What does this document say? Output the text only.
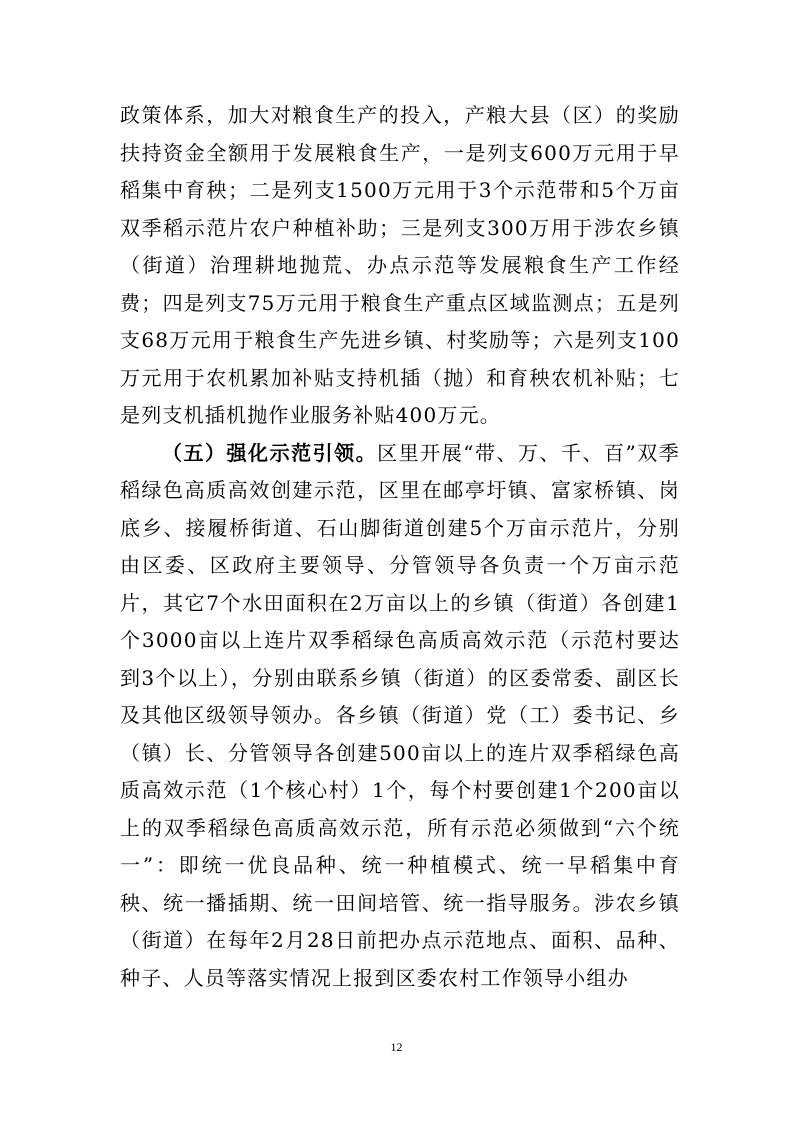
政策体系，加大对粮食生产的投入，产粮大县（区）的奖励扶持资金全额用于发展粮食生产，一是列支600万元用于早稻集中育秧；二是列支1500万元用于3个示范带和5个万亩双季稻示范片农户种植补助；三是列支300万用于涉农乡镇（街道）治理耕地抛荒、办点示范等发展粮食生产工作经费；四是列支75万元用于粮食生产重点区域监测点；五是列支68万元用于粮食生产先进乡镇、村奖励等；六是列支100万元用于农机累加补贴支持机插（抛）和育秧农机补贴；七是列支机插机抛作业服务补贴400万元。

（五）强化示范引领。区里开展“带、万、千、百”双季稻绿色高质高效创建示范，区里在邮亭圩镇、富家桥镇、岗底乡、接履桥街道、石山脚街道创建5个万亩示范片，分别由区委、区政府主要领导、分管领导各负责一个万亩示范片，其它7个水田面积在2万亩以上的乡镇（街道）各创建1个3000亩以上连片双季稻绿色高质高效示范（示范村要达到3个以上），分别由联系乡镇（街道）的区委常委、副区长及其他区级领导领办。各乡镇（街道）党（工）委书记、乡（镇）长、分管领导各创建500亩以上的连片双季稻绿色高质高效示范（1个核心村）1个，每个村要创建1个200亩以上的双季稻绿色高质高效示范，所有示范必须做到“六个统一”：即统一优良品种、统一种植模式、统一早稻集中育秧、统一播插期、统一田间培管、统一指导服务。涉农乡镇（街道）在每年2月28日前把办点示范地点、面积、品种、种子、人员等落实情况上报到区委农村工作领导小组办

12
